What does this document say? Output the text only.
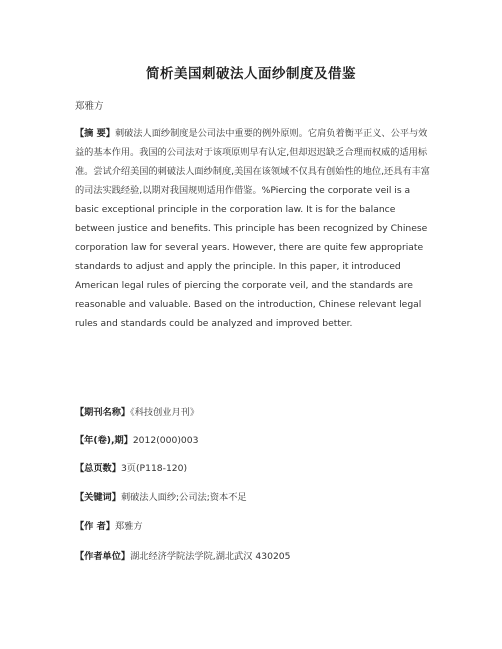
简析美国刺破法人面纱制度及借鉴
郑雅方
【摘 要】刺破法人面纱制度是公司法中重要的例外原则。它肩负着衡平正义、公平与效益的基本作用。我国的公司法对于该项原则早有认定,但却迟迟缺乏合理而权威的适用标准。尝试介绍美国的刺破法人面纱制度,美国在该领域不仅具有创始性的地位,还具有丰富的司法实践经验,以期对我国规则适用作借鉴。%Piercing the corporate veil is a basic exceptional principle in the corporation law. It is for the balance between justice and benefits. This principle has been recognized by Chinese corporation law for several years. However, there are quite few appropriate standards to adjust and apply the principle. In this paper, it introduced American legal rules of piercing the corporate veil, and the standards are reasonable and valuable. Based on the introduction, Chinese relevant legal rules and standards could be analyzed and improved better.
【期刊名称】《科技创业月刊》
【年(卷),期】2012(000)003
【总页数】3页(P118-120)
【关键词】刺破法人面纱;公司法;资本不足
【作 者】郑雅方
【作者单位】湖北经济学院法学院,湖北武汉 430205
